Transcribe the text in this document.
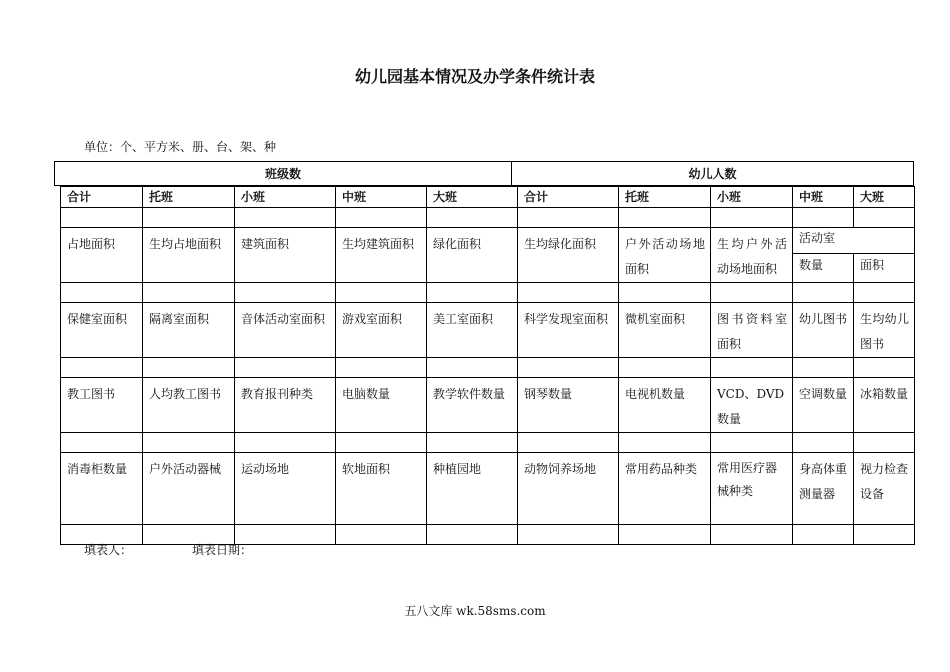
幼儿园基本情况及办学条件统计表
单位：个、平方米、册、台、架、种
班级数	幼儿人数
合计	托班	小班	中班	大班	合计	托班	小班	中班	大班

占地面积	生均占地面积	建筑面积	生均建筑面积	绿化面积	生均绿化面积	户外活动场地面积	生均户外活动场地面积	活动室	
								数量	面积

保健室面积	隔离室面积	音体活动室面积	游戏室面积	美工室面积	科学发现室面积	微机室面积	图书资料室面积	幼儿图书	生均幼儿图书

教工图书	人均教工图书	教育报刊种类	电脑数量	教学软件数量	钢琴数量	电视机数量	VCD、DVD数量	空调数量	冰箱数量

消毒柜数量	户外活动器械	运动场地	软地面积	种植园地	动物饲养场地	常用药品种类	常用医疗器械种类	身高体重测量器	视力检查设备

填表人：	填表日期：
五八文库 wk.58sms.com
